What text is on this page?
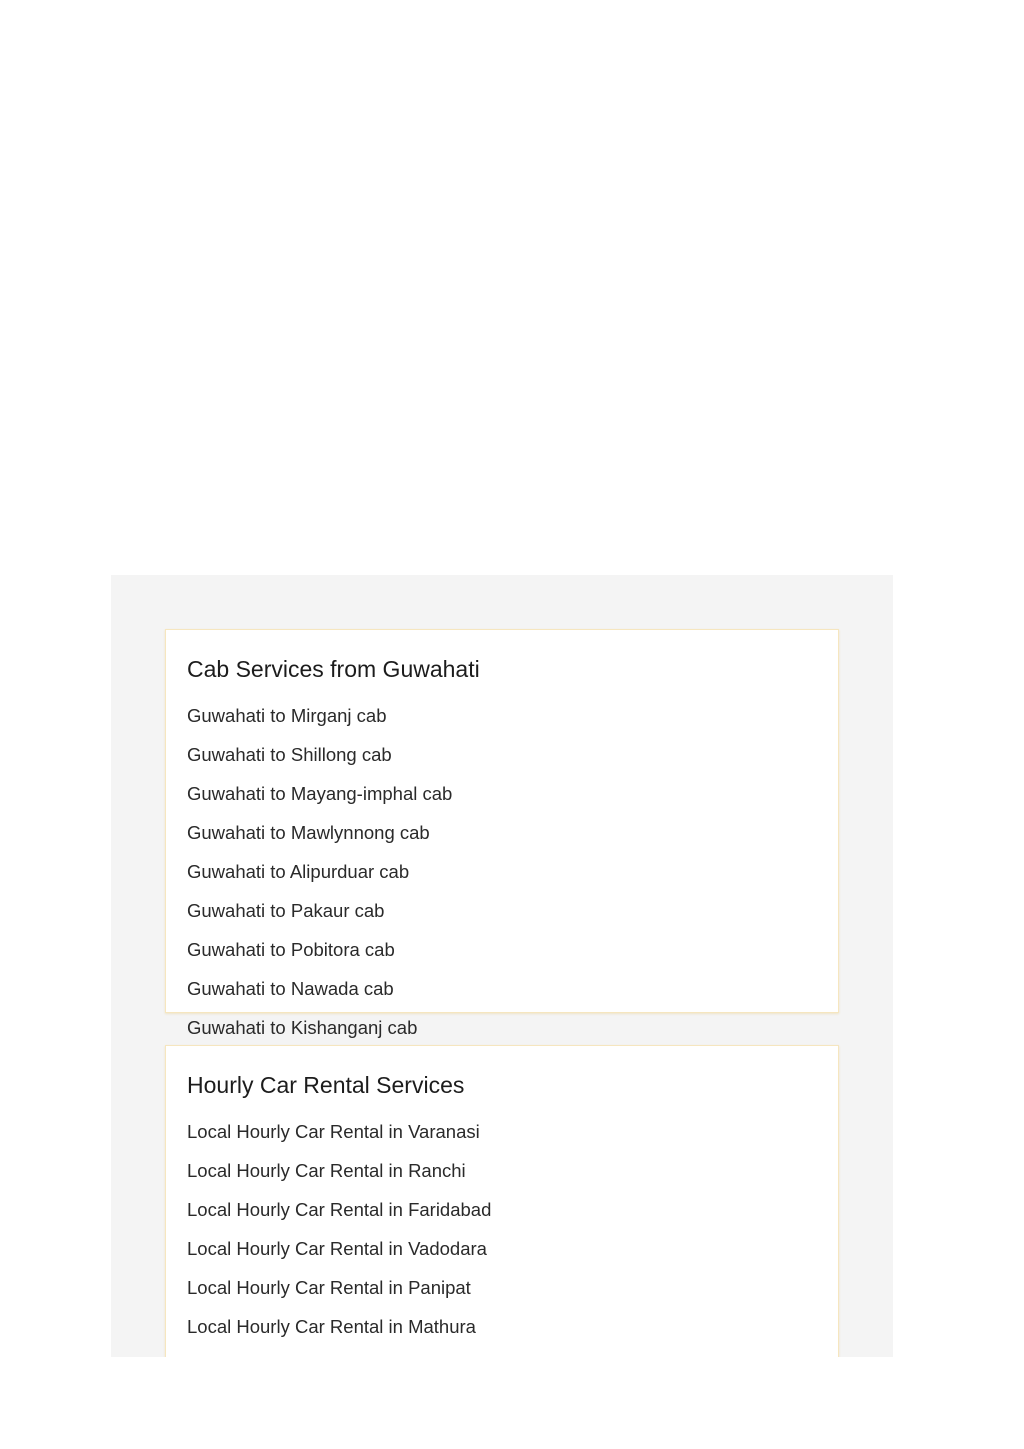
Cab Services from Guwahati
Guwahati to Mirganj cab
Guwahati to Shillong cab
Guwahati to Mayang-imphal cab
Guwahati to Mawlynnong cab
Guwahati to Alipurduar cab
Guwahati to Pakaur cab
Guwahati to Pobitora cab
Guwahati to Nawada cab
Guwahati to Kishanganj cab
Hourly Car Rental Services
Local Hourly Car Rental in Varanasi
Local Hourly Car Rental in Ranchi
Local Hourly Car Rental in Faridabad
Local Hourly Car Rental in Vadodara
Local Hourly Car Rental in Panipat
Local Hourly Car Rental in Mathura
